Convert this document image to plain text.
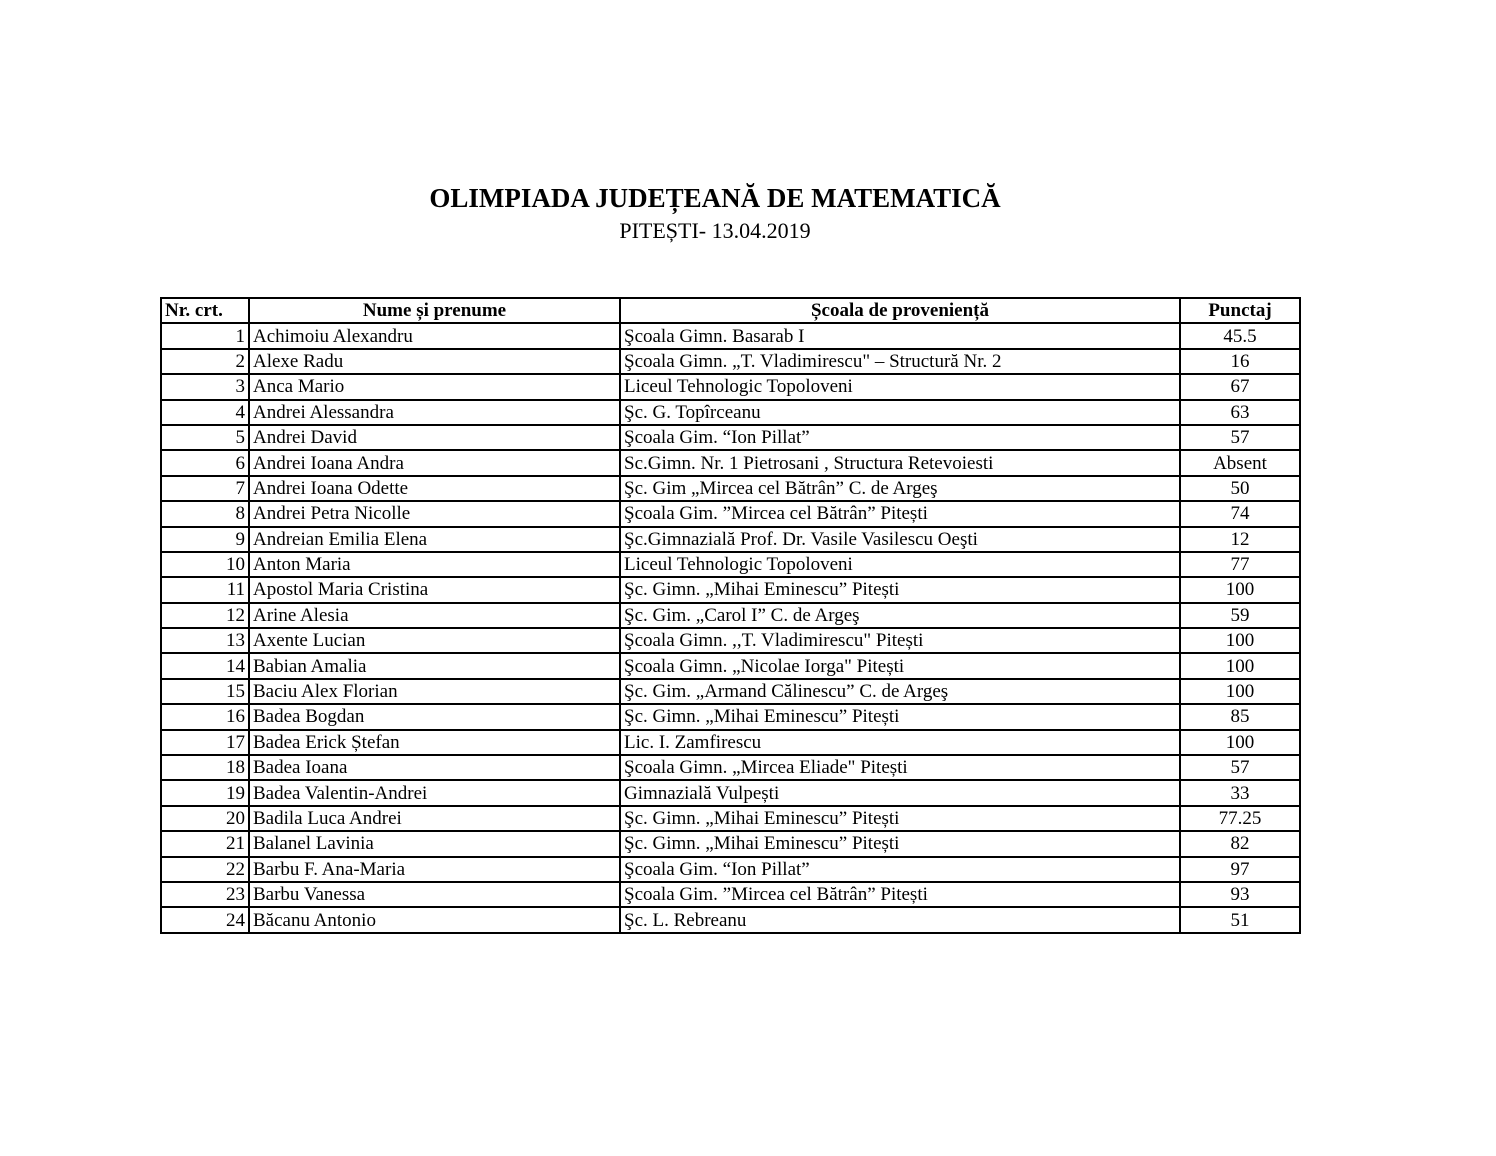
OLIMPIADA JUDEȚEANĂ DE MATEMATICĂ
PITEȘTI- 13.04.2019
Nr. crt.	Nume și prenume	Școala de proveniență	Punctaj
1	Achimoiu Alexandru	Şcoala Gimn. Basarab I	45.5
2	Alexe Radu	Şcoala Gimn. „T. Vladimirescu" – Structură Nr. 2	16
3	Anca Mario	Liceul Tehnologic Topoloveni	67
4	Andrei Alessandra	Şc. G. Topîrceanu	63
5	Andrei David	Şcoala Gim. “Ion Pillat”	57
6	Andrei Ioana Andra	Sc.Gimn. Nr. 1 Pietrosani , Structura Retevoiesti	Absent
7	Andrei Ioana Odette	Şc. Gim „Mircea cel Bătrân” C. de Argeş	50
8	Andrei Petra Nicolle	Şcoala Gim. ”Mircea cel Bătrân” Pitești	74
9	Andreian Emilia Elena	Şc.Gimnazială Prof. Dr. Vasile Vasilescu Oeşti	12
10	Anton Maria	Liceul Tehnologic Topoloveni	77
11	Apostol Maria Cristina	Şc. Gimn. „Mihai Eminescu” Pitești	100
12	Arine Alesia	Şc. Gim. „Carol I” C. de Argeş	59
13	Axente Lucian	Şcoala Gimn. ,,T. Vladimirescu" Pitești	100
14	Babian Amalia	Şcoala Gimn. „Nicolae Iorga" Pitești	100
15	Baciu Alex Florian	Şc. Gim. „Armand Călinescu” C. de Argeş	100
16	Badea Bogdan	Şc. Gimn. „Mihai Eminescu” Pitești	85
17	Badea Erick Ștefan	Lic. I. Zamfirescu	100
18	Badea Ioana	Şcoala Gimn. „Mircea Eliade" Pitești	57
19	Badea Valentin-Andrei	Gimnazială Vulpești	33
20	Badila Luca Andrei	Şc. Gimn. „Mihai Eminescu” Pitești	77.25
21	Balanel Lavinia	Şc. Gimn. „Mihai Eminescu” Pitești	82
22	Barbu F. Ana-Maria	Şcoala Gim. “Ion Pillat”	97
23	Barbu Vanessa	Şcoala Gim. ”Mircea cel Bătrân” Pitești	93
24	Băcanu Antonio	Şc. L. Rebreanu	51
